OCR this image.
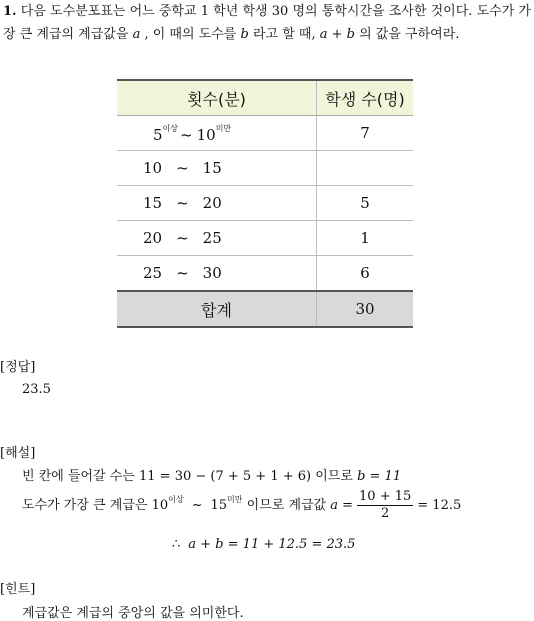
1. 다음 도수분포표는 어느 중학교 1 학년 학생 30 명의 통학시간을 조사한 것이다. 도수가 가장 큰 계급의 계급값을 a , 이 때의 도수를 b 라고 할 때, a + b 의 값을 구하여라.
횟수(분)	학생 수(명)
$5^{이상}$ ~ $10^{미만}$	7
10 ~ 15	
15 ~ 20	5
20 ~ 25	1
25 ~ 30	6
합계	30
[정답]
23.5
[해설]
빈 칸에 들어갈 수는 11 = 30 − (7 + 5 + 1 + 6) 이므로 b = 11
도수가 가장 큰 계급은 $10^{이상}$ ~ $15^{미만}$ 이므로 계급값 $a = \frac{10 + 15}{2} = 12.5$
∴ a + b = 11 + 12.5 = 23.5
[힌트]
계급값은 계급의 중앙의 값을 의미한다.
